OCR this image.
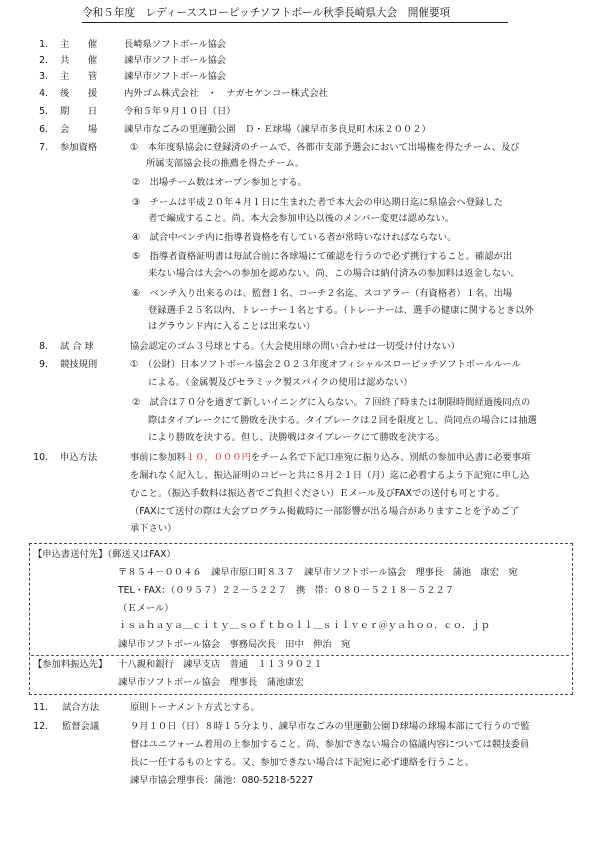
令和５年度　レディーススローピッチソフトボール秋季長崎県大会　開催要項
1. 主　　催	長崎県ソフトボール協会
2. 共　　催	諫早市ソフトボール協会
3. 主　　管	諫早市ソフトボール協会
4. 後　　援	内外ゴム株式会社　・　ナガセケンコー株式会社
5. 期　　日	令和５年９月１０日（日）
6. 会　　場	諫早市なごみの里運動公園　Ｄ・Ｅ球場（諫早市多良見町木床２００２）
7. 参加資格	①　本年度県協会に登録済のチームで、各都市支部予選会において出場権を得たチーム、及び
所属支部協会長の推薦を得たチーム。
②　出場チーム数はオープン参加とする。
③　チームは平成２０年４月１日に生まれた者で本大会の申込期日迄に県協会へ登録した
者で編成すること。尚、本大会参加申込以後のメンバー変更は認めない。
④　試合中ベンチ内に指導者資格を有している者が常時いなければならない。
⑤　指導者資格証明書は毎試合前に各球場にて確認を行うので必ず携行すること。確認が出
来ない場合は大会への参加を認めない。尚、この場合は納付済みの参加料は返金しない。
⑥　ベンチ入り出来るのは、監督１名、コーチ２名迄、スコアラー（有資格者）１名、出場
登録選手２５名以内、トレーナー１名とする。（トレーナーは、選手の健康に関するとき以外
はグラウンド内に入ることは出来ない）
8. 試 合 球	協会認定のゴム３号球とする。（大会使用球の問い合わせは一切受け付けない）
9. 競技規則	①　（公財）日本ソフトボール協会２０２３年度オフィシャルスローピッチソフトボールルール
による。（金属製及びセラミック製スパイクの使用は認めない）
②　試合は７０分を過ぎて新しいイニングに入らない。７回終了時または制限時間経過後同点の
際はタイブレークにて勝敗を決する。タイブレークは２回を限度とし、尚同点の場合には抽選
により勝敗を決する。但し、決勝戦はタイブレークにて勝敗を決する。
10. 申込方法	事前に参加料１０，０００円をチーム名で下記口座宛に振り込み、別紙の参加申込書に必要事項
を漏れなく記入し、振込証明のコピーと共に８月２１日（月）迄に必着するよう下記宛に申し込
むこと。（振込手数料は振込者でご負担ください）Ｅメール及びFAXでの送付も可とする。
（FAXにて送付の際は大会プログラム掲載時に一部影響が出る場合がありますことを予めご了
承下さい）
【申込書送付先】（郵送又はFAX）
〒８５４－００４６　諫早市原口町８３７　諫早市ソフトボール協会　理事長　蒲池　康宏　宛
TEL・FAX：（０９５７）２２－５２２７　携　帯：０８０－５２１８－５２２７
（Ｅメール）
ｉｓａｈａｙａ＿ｃｉｔｙ＿ｓｏｆｔｂｏｌｌ＿ｓｉｌｖｅｒ＠ｙａｈｏｏ．ｃｏ．ｊｐ
諫早市ソフトボール協会　事務局次長　田中　伸治　宛
【参加料振込先】 十八親和銀行　諫早支店　普通　１１３９０２１
諫早市ソフトボール協会　理事長　蒲池康宏
11. 試合方法	原則トーナメント方式とする。
12. 監督会議	９月１０日（日）８時１５分より、諫早市なごみの里運動公園Ｄ球場の球場本部にて行うので監
督はユニフォーム着用の上参加すること。尚、参加できない場合の協議内容については競技委員
長に一任するものとする。又、参加できない場合は下記宛に必ず連絡を行うこと。
諫早市協会理事長：蒲池：080-5218-5227
